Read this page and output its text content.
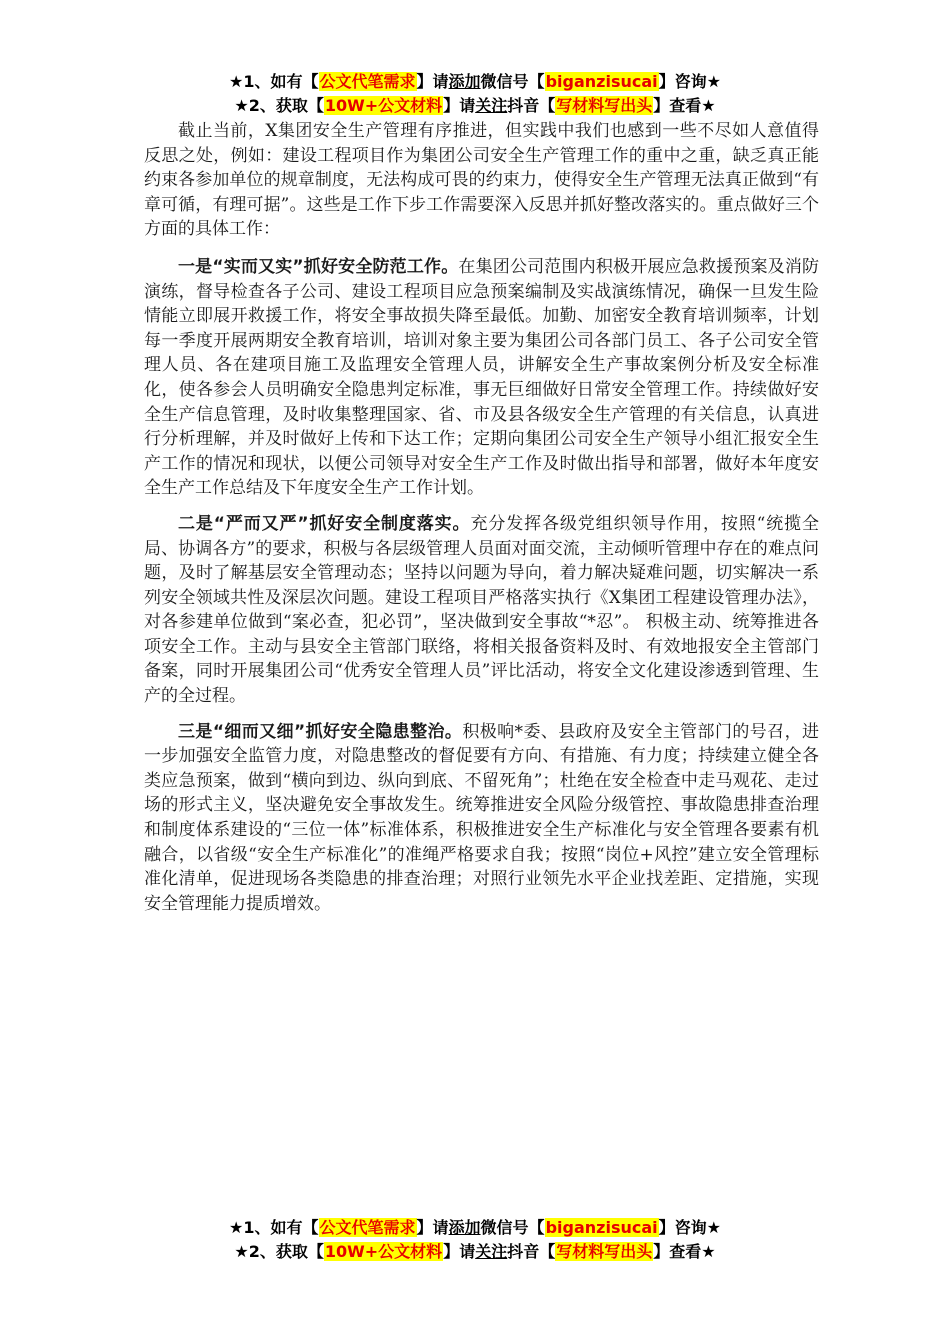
★1、如有【公文代笔需求】请添加微信号【biganzisucai】咨询★
★2、获取【10W+公文材料】请关注抖音【写材料写出头】查看★

截止当前，X集团安全生产管理有序推进，但实践中我们也感到一些不尽如人意值得反思之处，例如：建设工程项目作为集团公司安全生产管理工作的重中之重，缺乏真正能约束各参加单位的规章制度，无法构成可畏的约束力，使得安全生产管理无法真正做到“有章可循，有理可据”。这些是工作下步工作需要深入反思并抓好整改落实的。重点做好三个方面的具体工作：

一是“实而又实”抓好安全防范工作。在集团公司范围内积极开展应急救援预案及消防演练，督导检查各子公司、建设工程项目应急预案编制及实战演练情况，确保一旦发生险情能立即展开救援工作，将安全事故损失降至最低。加勤、加密安全教育培训频率，计划每一季度开展两期安全教育培训，培训对象主要为集团公司各部门员工、各子公司安全管理人员、各在建项目施工及监理安全管理人员，讲解安全生产事故案例分析及安全标准化，使各参会人员明确安全隐患判定标准，事无巨细做好日常安全管理工作。持续做好安全生产信息管理，及时收集整理国家、省、市及县各级安全生产管理的有关信息，认真进行分析理解，并及时做好上传和下达工作；定期向集团公司安全生产领导小组汇报安全生产工作的情况和现状，以便公司领导对安全生产工作及时做出指导和部署，做好本年度安全生产工作总结及下年度安全生产工作计划。

二是“严而又严”抓好安全制度落实。充分发挥各级党组织领导作用，按照“统揽全局、协调各方”的要求，积极与各层级管理人员面对面交流，主动倾听管理中存在的难点问题，及时了解基层安全管理动态；坚持以问题为导向，着力解决疑难问题，切实解决一系列安全领域共性及深层次问题。建设工程项目严格落实执行《X集团工程建设管理办法》，对各参建单位做到“案必查，犯必罚”，坚决做到安全事故“*忍”。 积极主动、统筹推进各项安全工作。主动与县安全主管部门联络，将相关报备资料及时、有效地报安全主管部门备案，同时开展集团公司“优秀安全管理人员”评比活动，将安全文化建设渗透到管理、生产的全过程。

三是“细而又细”抓好安全隐患整治。积极响*委、县政府及安全主管部门的号召，进一步加强安全监管力度，对隐患整改的督促要有方向、有措施、有力度；持续建立健全各类应急预案，做到“横向到边、纵向到底、不留死角”；杜绝在安全检查中走马观花、走过场的形式主义，坚决避免安全事故发生。统筹推进安全风险分级管控、事故隐患排查治理和制度体系建设的“三位一体”标准体系，积极推进安全生产标准化与安全管理各要素有机融合，以省级“安全生产标准化”的准绳严格要求自我；按照“岗位+风控”建立安全管理标准化清单，促进现场各类隐患的排查治理；对照行业领先水平企业找差距、定措施，实现安全管理能力提质增效。

★1、如有【公文代笔需求】请添加微信号【biganzisucai】咨询★
★2、获取【10W+公文材料】请关注抖音【写材料写出头】查看★
